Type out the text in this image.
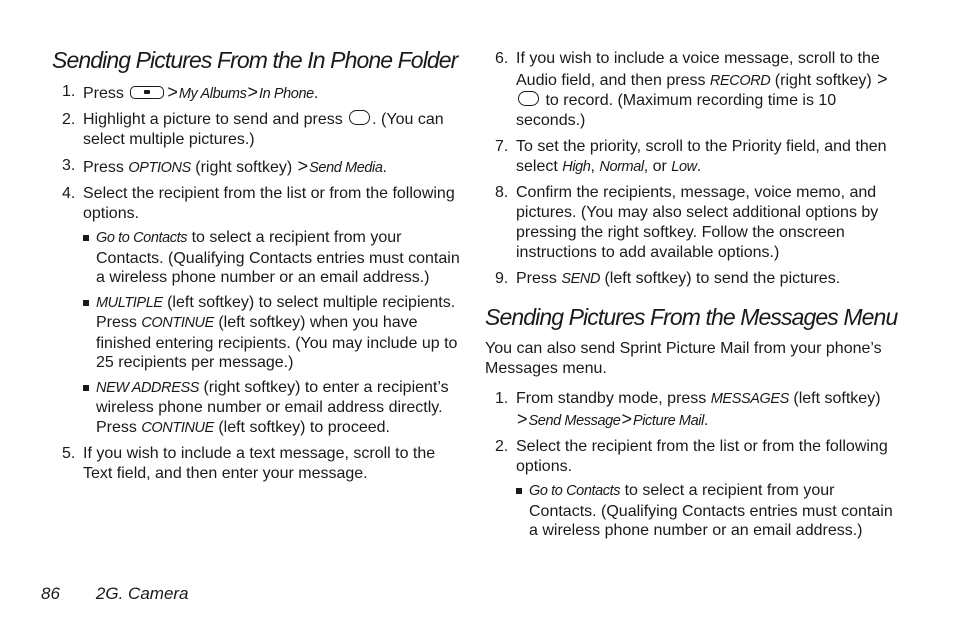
Sending Pictures From the In Phone Folder
1. Press >My Albums>In Phone.
2. Highlight a picture to send and press . (You can select multiple pictures.)
3. Press OPTIONS (right softkey) >Send Media.
4. Select the recipient from the list or from the following options.
Go to Contacts to select a recipient from your Contacts. (Qualifying Contacts entries must contain a wireless phone number or an email address.)
MULTIPLE (left softkey) to select multiple recipients. Press CONTINUE (left softkey) when you have finished entering recipients. (You may include up to 25 recipients per message.)
NEW ADDRESS (right softkey) to enter a recipient’s wireless phone number or email address directly. Press CONTINUE (left softkey) to proceed.
5. If you wish to include a text message, scroll to the Text field, and then enter your message.
6. If you wish to include a voice message, scroll to the Audio field, and then press RECORD (right softkey) > to record. (Maximum recording time is 10 seconds.)
7. To set the priority, scroll to the Priority field, and then select High, Normal, or Low.
8. Confirm the recipients, message, voice memo, and pictures. (You may also select additional options by pressing the right softkey. Follow the onscreen instructions to add available options.)
9. Press SEND (left softkey) to send the pictures.
Sending Pictures From the Messages Menu

You can also send Sprint Picture Mail from your phone’s Messages menu.

1. From standby mode, press MESSAGES (left softkey) >Send Message>Picture Mail.
2. Select the recipient from the list or from the following options.
Go to Contacts to select a recipient from your Contacts. (Qualifying Contacts entries must contain a wireless phone number or an email address.)
86 2G. Camera
